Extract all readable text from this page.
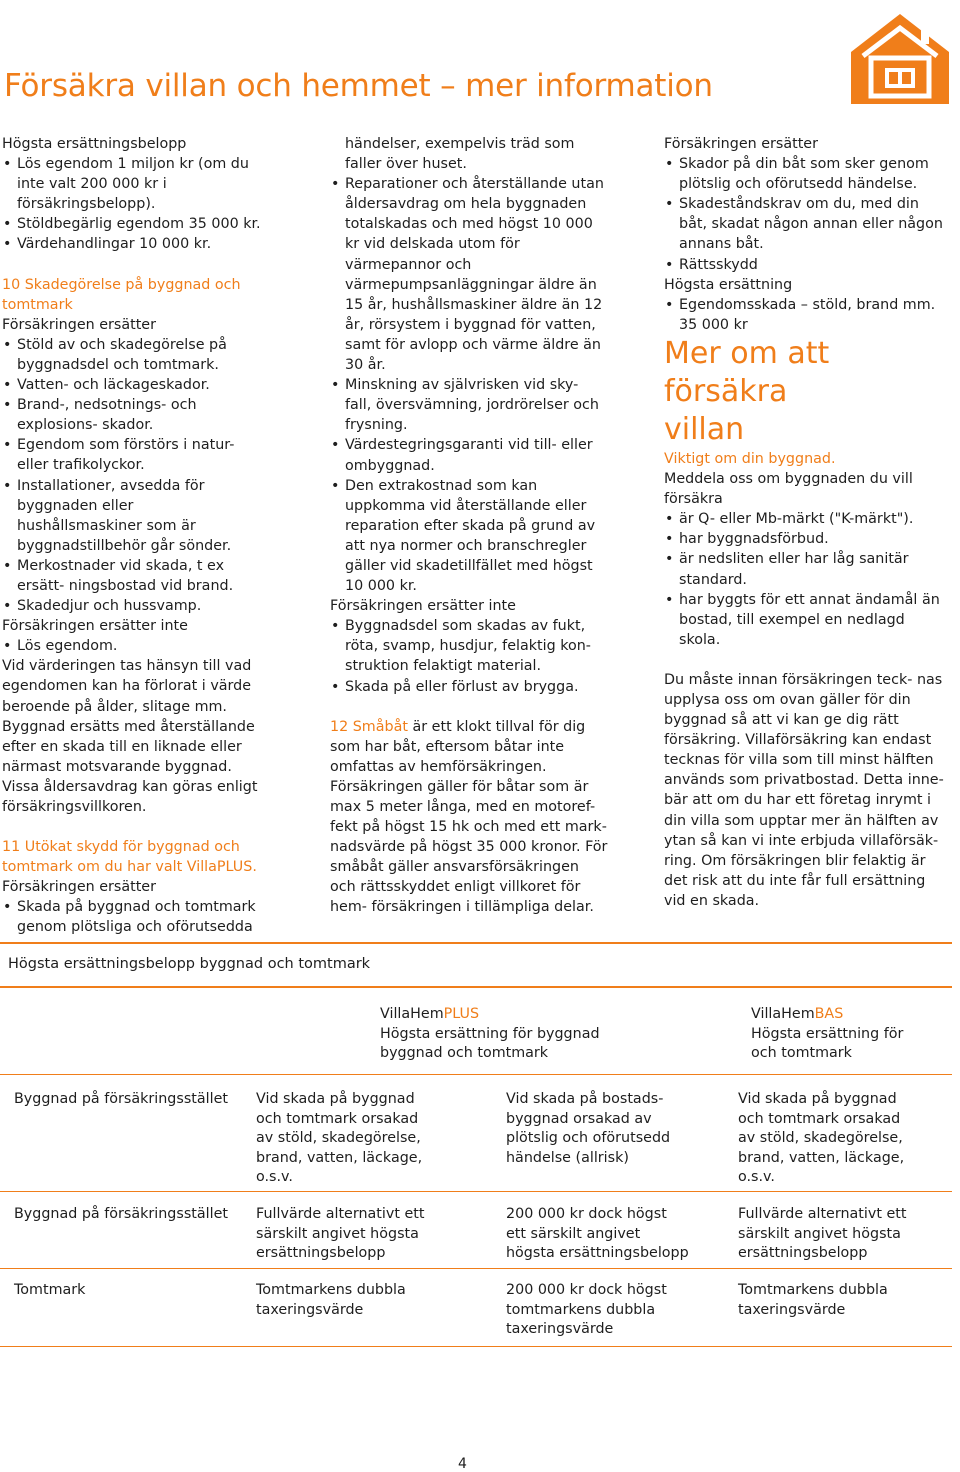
Försäkra villan och hemmet – mer information

Högsta ersättningsbelopp

• Lös egendom 1 miljon kr (om du inte valt 200 000 kr i försäkringsbelopp).
• Stöldbegärlig egendom 35 000 kr.
• Värdehandlingar 10 000 kr.

10 Skadegörelse på byggnad och tomtmark

Försäkringen ersätter

• Stöld av och skadegörelse på byggnadsdel och tomtmark.
• Vatten- och läckageskador.
• Brand-, nedsotnings- och explosions- skador.
• Egendom som förstörs i natur- eller trafikolyckor.
• Installationer, avsedda för byggnaden eller hushållsmaskiner som är byggnadstillbehör går sönder.
• Merkostnader vid skada, t ex ersätt- ningsbostad vid brand.
• Skadedjur och hussvamp.

Försäkringen ersätter inte

• Lös egendom.

Vid värderingen tas hänsyn till vad egendomen kan ha förlorat i värde beroende på ålder, slitage mm. Byggnad ersätts med återställande efter en skada till en liknade eller närmast motsvarande byggnad. Vissa åldersavdrag kan göras enligt försäkringsvillkoren.

11 Utökat skydd för byggnad och tomtmark om du har valt VillaPLUS.

Försäkringen ersätter

• Skada på byggnad och tomtmark genom plötsliga och oförutsedda

händelser, exempelvis träd som faller över huset.

• Reparationer och återställande utan åldersavdrag om hela byggnaden totalskadas och med högst 10 000 kr vid delskada utom för värmepannor och värmepumpsanläggningar äldre än 15 år, hushållsmaskiner äldre än 12 år, rörsystem i byggnad för vatten, samt för avlopp och värme äldre än 30 år.
• Minskning av självrisken vid sky- fall, översvämning, jordrörelser och frysning.
• Värdestegringsgaranti vid till- eller ombyggnad.
• Den extrakostnad som kan uppkomma vid återställande eller reparation efter skada på grund av att nya normer och branschregler gäller vid skadetillfället med högst 10 000 kr.

Försäkringen ersätter inte

• Byggnadsdel som skadas av fukt, röta, svamp, husdjur, felaktig kon- struktion felaktigt material.
• Skada på eller förlust av brygga.

12 Småbåt är ett klokt tillval för dig som har båt, eftersom båtar inte omfattas av hemförsäkringen. Försäkringen gäller för båtar som är max 5 meter långa, med en motoref- fekt på högst 15 hk och med ett mark- nadsvärde på högst 35 000 kronor. För småbåt gäller ansvarsförsäkringen och rättsskyddet enligt villkoret för hem- försäkringen i tillämpliga delar.

Försäkringen ersätter

• Skador på din båt som sker genom plötslig och oförutsedd händelse.
• Skadeståndskrav om du, med din båt, skadat någon annan eller någon annans båt.
• Rättsskydd

Högsta ersättning

• Egendomsskada – stöld, brand mm. 35 000 kr

Mer om att försäkra villan

Viktigt om din byggnad.

Meddela oss om byggnaden du vill försäkra

• är Q- eller Mb-märkt ("K-märkt").
• har byggnadsförbud.
• är nedsliten eller har låg sanitär standard.
• har byggts för ett annat ändamål än bostad, till exempel en nedlagd skola.

Du måste innan försäkringen teck- nas upplysa oss om ovan gäller för din byggnad så att vi kan ge dig rätt försäkring. Villaförsäkring kan endast tecknas för villa som till minst hälften används som privatbostad. Detta inne- bär att om du har ett företag inrymt i din villa som upptar mer än hälften av ytan så kan vi inte erbjuda villaförsäk- ring. Om försäkringen blir felaktig är det risk att du inte får full ersättning vid en skada.

Högsta ersättningsbelopp byggnad och tomtmark
VillaHemPLUS
Högsta ersättning för byggnad byggnad och tomtmark
VillaHemBAS
Högsta ersättning för och tomtmark
Byggnad på försäkringsstället Vid skada på byggnad och tomtmark orsakad av stöld, skadegörelse, brand, vatten, läckage, o.s.v.
Vid skada på bostads- byggnad orsakad av plötslig och oförutsedd händelse (allrisk)
Vid skada på byggnad och tomtmark orsakad av stöld, skadegörelse, brand, vatten, läckage, o.s.v.
Byggnad på försäkringsstället Fullvärde alternativt ett särskilt angivet högsta ersättningsbelopp
200 000 kr dock högst ett särskilt angivet högsta ersättningsbelopp
Fullvärde alternativt ett särskilt angivet högsta ersättningsbelopp
Tomtmark	Tomtmarkens dubbla taxeringsvärde
200 000 kr dock högst tomtmarkens dubbla taxeringsvärde
Tomtmarkens dubbla taxeringsvärde
4
